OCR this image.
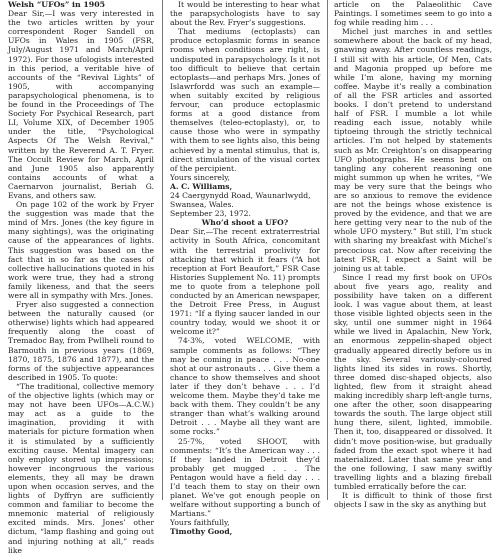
Welsh “UFOs” in 1905

Dear Sir,—I was very interested in the two articles written by your correspondent Roger Sandell on UFOs in Wales in 1905 (FSR, July/August 1971 and March/April 1972). For those ufologists interested in this period, a veritable hive of accounts of the “Revival Lights” of 1905, with accompanying parapsychological phenomena, is to be found in the Proceedings of The Society For Psychical Research, part LI, Volume XIX, of December 1905 under the title, “Psychological Aspects Of The Welsh Revival,” written by the Reverend A. T. Fryer. The Occult Review for March, April and June 1905 also apparently contains accounts of what a Caernarvon journalist, Beriah G. Evans, and others saw.

On page 102 of the work by Fryer the suggestion was made that the mind of Mrs. Jones (the key figure in many sightings), was the originating cause of the appearances of lights. This suggestion was based on the fact that in so far as the cases of collective hallucinations quoted in his work were true, they had a strong family likeness, and that the seers were all in sympathy with Mrs. Jones.

Fryer also suggested a connection between the naturally caused (or otherwise) lights which had appeared frequently along the coast of Tremadoc Bay, from Pwllheli round to Barmouth in previous years (1869, 1870, 1875, 1876 and 1877), and the forms of the subjective appearances described in 1905. To quote:

“The traditional, collective memory of the objective lights (which may or may not have been UFOs—A.C.W.) may act as a guide to the imagination, providing it with materials for picture formation when it is stimulated by a sufficiently exciting cause. Mental imagery can only employ stored up impressions; however incongruous the various elements, they all may be drawn upon when occasion serves, and the lights of Dyffryn are sufficiently common and familiar to become the mnemonic material of religiously excited minds. Mrs. Jones’ other dictum, “lamp flashing and going out and injuring nothing at all,” reads like

It would be interesting to hear what the parapsychologists have to say about the Rev. Fryer’s suggestions.

That mediums (ectoplasts) can produce ectoplasmic forms in seance rooms when conditions are right, is undisputed in parapsychology. Is it not too difficult to believe that certain ectoplasts—and perhaps Mrs. Jones of Islawrfordd was such an example—when suitably excited by religious fervour, can produce ectoplasmic forms at a good distance from themselves (teleo-ectoplasty), or, to cause those who were in sympathy with them to see lights also, this being achieved by a mental stimulus, that is, direct stimulation of the visual cortex of the percipient.

Yours sincerely,
A. C. Williams,
24 Caergynydd Road, Waunarlwydd,
Swansea, Wales.
September 23, 1972.

Who’d shoot a UFO?

Dear Sir,—The recent extraterrestrial activity in South Africa, concomitant with the terrestrial proclivity for attacking that which it fears (“A hot reception at Fort Beaufort,” FSR Case Histories Supplement No. 11) prompts me to quote from a telephone poll conducted by an American newspaper, the Detroit Free Press, in August 1971: “If a flying saucer landed in our country today, would we shoot it or welcome it?”

74·3%, voted WELCOME, with sample comments as follows: “They may be coming in peace . . . No-one shot at our astronauts . . . Give them a chance to show themselves and shoot later if they don’t behave . . . I’d welcome them. Maybe they’d take me back with them. They couldn’t be any stranger than what’s walking around Detroit . . . Maybe all they want are some rocks.”

25·7%, voted SHOOT, with comments: “It’s the American way . . . If they landed in Detroit they’d probably get mugged . . . The Pentagon would have a field day . . . I’d teach them to stay on their own planet. We’ve got enough people on welfare without supporting a bunch of Martians.”

Yours faithfully,
Timothy Good,

article on the Palaeolithic Cave Paintings. I sometimes seem to go into a fog while reading him . . .

Michel just marches in and settles somewhere about the back of my head, gnawing away. After countless readings, I still sit with his article, Of Men, Cats and Magonia propped up before me while I’m alone, having my morning coffee. Maybe it’s really a combination of all the FSR articles and assorted books. I don’t pretend to understand half of FSR. I mumble a lot while reading each issue, notably while tiptoeing through the strictly technical articles. I’m not helped by statements such as Mr. Creighton’s on disappearing UFO photographs. He seems bent on tangling any coherent reasoning one might summon up when he writes, “We may be very sure that the beings who are so anxious to remove the evidence are not the beings whose existence is proved by the evidence, and that we are here getting very near to the nub of the whole UFO mystery.” But still, I’m stuck with sharing my breakfast with Michel’s precocious cat. Now after receiving the latest FSR, I expect a Saint will be joining us at table.

Since I read my first book on UFOs about five years ago, reality and possibility have taken on a different look. I was vague about them, at least those visible lighted objects seen in the sky, until one summer night in 1964 while we lived in Apalachin, New York, an enormous zeppelin-shaped object gradually appeared directly before us in the sky. Several variously-coloured lights lined its sides in rows. Shortly, three domed disc-shaped objects, also lighted, flew from it straight ahead making incredibly sharp left-angle turns, one after the other, soon disappearing towards the south. The large object still hung there, silent, lighted, immobile. Then it, too, disappeared or dissolved. It didn’t move position-wise, but gradually faded from the exact spot where it had materialized. Later that same year and the one following, I saw many swiftly travelling lights and a blazing fireball tumbled erratically before the car.

It is difficult to think of those first objects I saw in the sky as anything but
